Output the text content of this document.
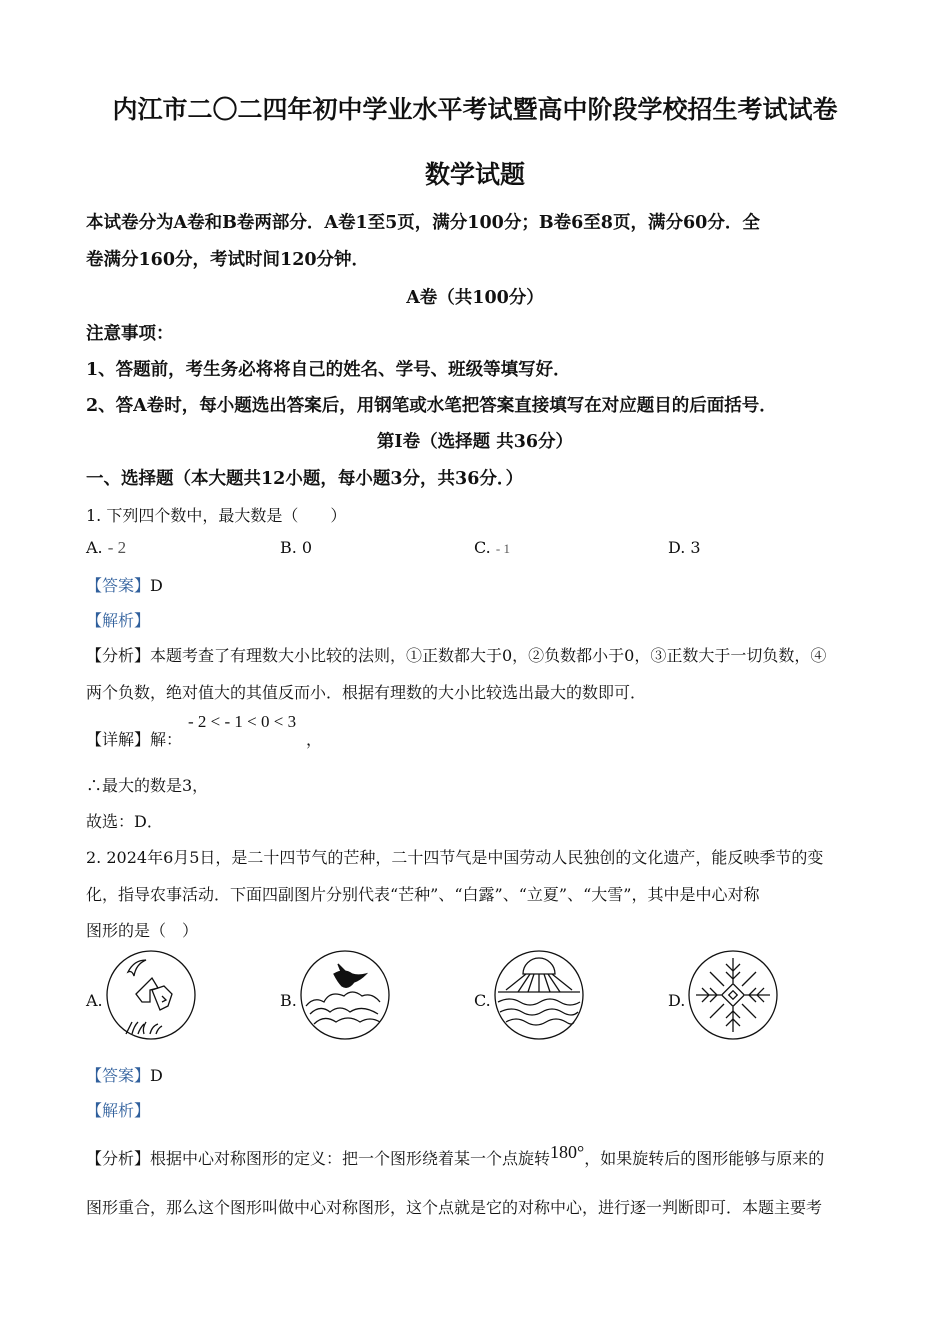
内江市二〇二四年初中学业水平考试暨高中阶段学校招生考试试卷
数学试题
本试卷分为A卷和B卷两部分．A卷1至5页，满分100分；B卷6至8页，满分60分．全
卷满分160分，考试时间120分钟．
A卷（共100分）
注意事项：
1、答题前，考生务必将将自己的姓名、学号、班级等填写好．
2、答A卷时，每小题选出答案后，用钢笔或水笔把答案直接填写在对应题目的后面括号．
第Ⅰ卷（选择题 共36分）
一、选择题（本大题共12小题，每小题3分，共36分．）
1. 下列四个数中，最大数是（　　）
A. - 2	B. 0	C. - 1	D. 3
【答案】D
【解析】
【分析】本题考查了有理数大小比较的法则，①正数都大于0，②负数都小于0，③正数大于一切负数，④
两个负数，绝对值大的其值反而小．根据有理数的大小比较选出最大的数即可．
【详解】解：
- 2 < - 1 < 0 < 3
，
∴最大的数是3，
故选：D．
2. 2024年6月5日，是二十四节气的芒种，二十四节气是中国劳动人民独创的文化遗产，能反映季节的变
化，指导农事活动．下面四副图片分别代表“芒种”、“白露”、“立夏”、“大雪”，其中是中心对称
图形的是（　）
A.	B.	C.	D.
【答案】D
【解析】
【分析】根据中心对称图形的定义：把一个图形绕着某一个点旋转180°，如果旋转后的图形能够与原来的
图形重合，那么这个图形叫做中心对称图形，这个点就是它的对称中心，进行逐一判断即可．本题主要考
